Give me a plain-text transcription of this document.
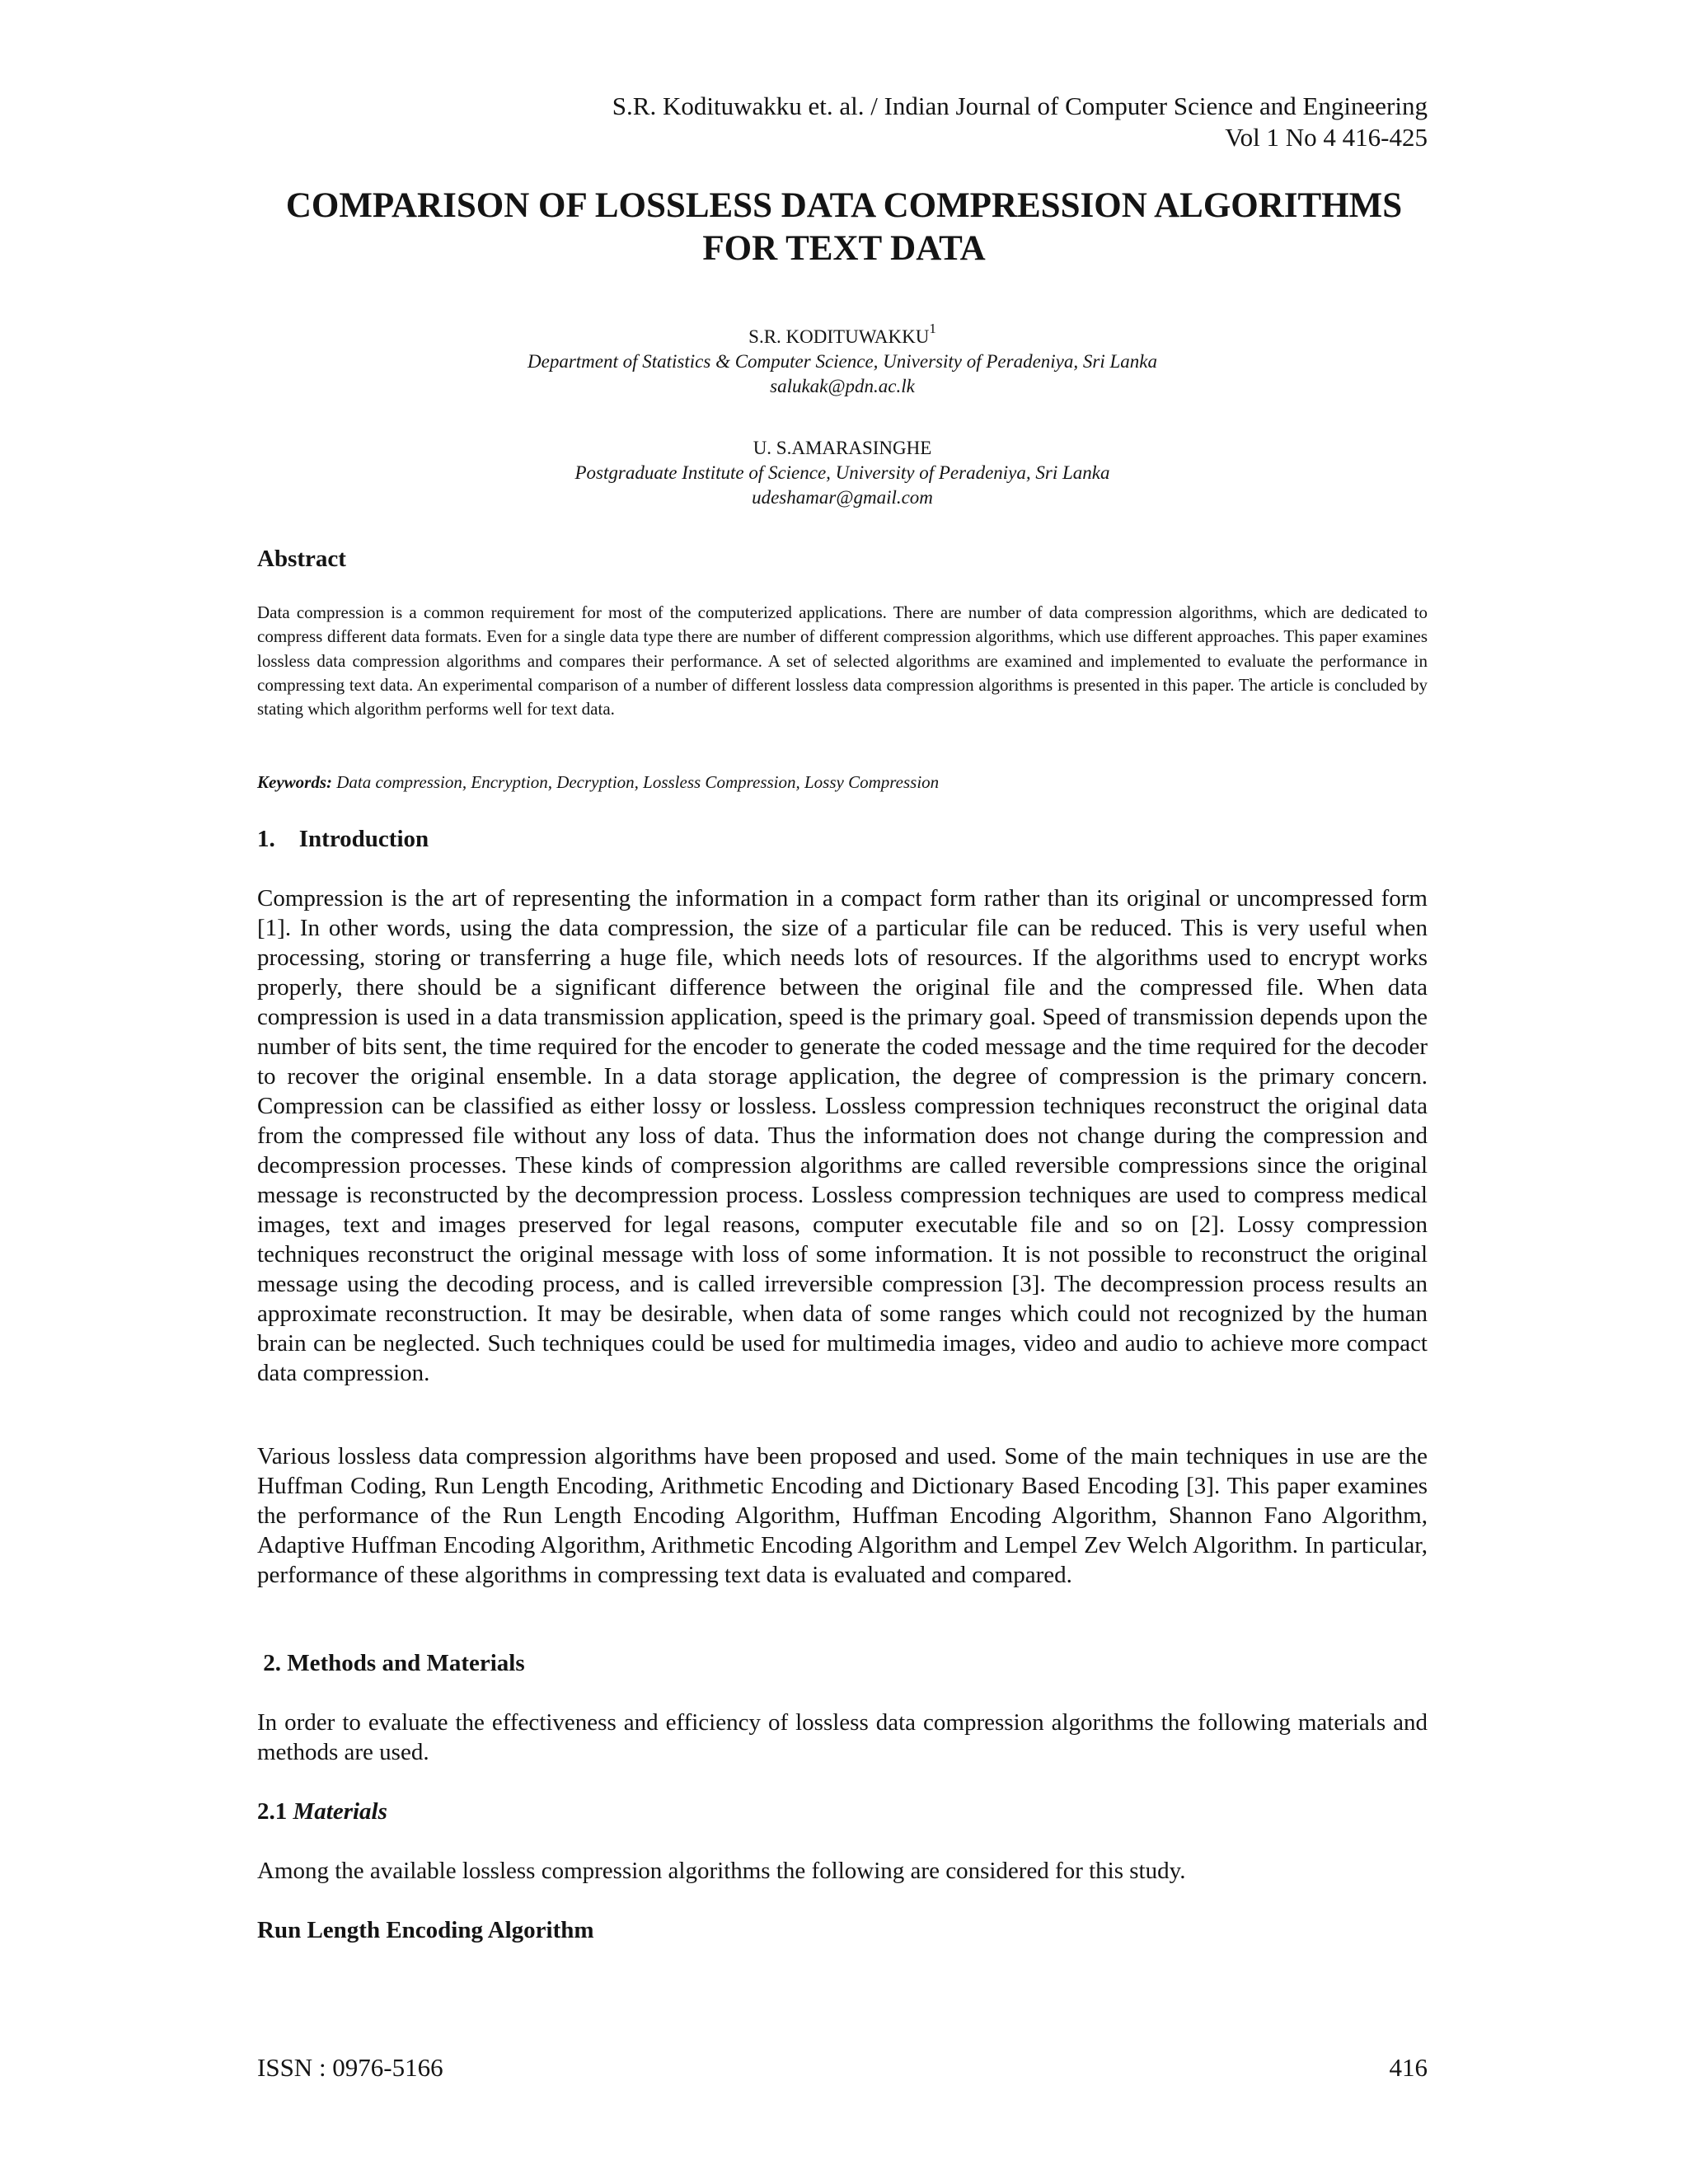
S.R. Kodituwakku et. al. / Indian Journal of Computer Science and Engineering
Vol 1 No 4 416-425
COMPARISON OF LOSSLESS DATA COMPRESSION ALGORITHMS
FOR TEXT DATA
S.R. KODITUWAKKU$^1$
Department of Statistics & Computer Science, University of Peradeniya, Sri Lanka
salukak@pdn.ac.lk
U. S.AMARASINGHE
Postgraduate Institute of Science, University of Peradeniya, Sri Lanka
udeshamar@gmail.com
Abstract
Data compression is a common requirement for most of the computerized applications. There are number of data compression algorithms, which are dedicated to compress different data formats. Even for a single data type there are number of different compression algorithms, which use different approaches. This paper examines lossless data compression algorithms and compares their performance. A set of selected algorithms are examined and implemented to evaluate the performance in compressing text data. An experimental comparison of a number of different lossless data compression algorithms is presented in this paper. The article is concluded by stating which algorithm performs well for text data.
Keywords: Data compression, Encryption, Decryption, Lossless Compression, Lossy Compression
1.    Introduction
Compression is the art of representing the information in a compact form rather than its original or uncompressed form [1]. In other words, using the data compression, the size of a particular file can be reduced. This is very useful when processing, storing or transferring a huge file, which needs lots of resources. If the algorithms used to encrypt works properly, there should be a significant difference between the original file and the compressed file. When data compression is used in a data transmission application, speed is the primary goal. Speed of transmission depends upon the number of bits sent, the time required for the encoder to generate the coded message and the time required for the decoder to recover the original ensemble. In a data storage application, the degree of compression is the primary concern. Compression can be classified as either lossy or lossless. Lossless compression techniques reconstruct the original data from the compressed file without any loss of data. Thus the information does not change during the compression and decompression processes. These kinds of compression algorithms are called reversible compressions since the original message is reconstructed by the decompression process. Lossless compression techniques are used to compress medical images, text and images preserved for legal reasons, computer executable file and so on [2]. Lossy compression techniques reconstruct the original message with loss of some information. It is not possible to reconstruct the original message using the decoding process, and is called irreversible compression [3]. The decompression process results an approximate reconstruction. It may be desirable, when data of some ranges which could not recognized by the human brain can be neglected. Such techniques could be used for multimedia images, video and audio to achieve more compact data compression.
Various lossless data compression algorithms have been proposed and used. Some of the main techniques in use are the Huffman Coding, Run Length Encoding, Arithmetic Encoding and Dictionary Based Encoding [3]. This paper examines the performance of the Run Length Encoding Algorithm, Huffman Encoding Algorithm, Shannon Fano Algorithm, Adaptive Huffman Encoding Algorithm, Arithmetic Encoding Algorithm and Lempel Zev Welch Algorithm. In particular, performance of these algorithms in compressing text data is evaluated and compared.
2. Methods and Materials
In order to evaluate the effectiveness and efficiency of lossless data compression algorithms the following materials and methods are used.
2.1 Materials
Among the available lossless compression algorithms the following are considered for this study.
Run Length Encoding Algorithm
ISSN : 0976-5166	416
